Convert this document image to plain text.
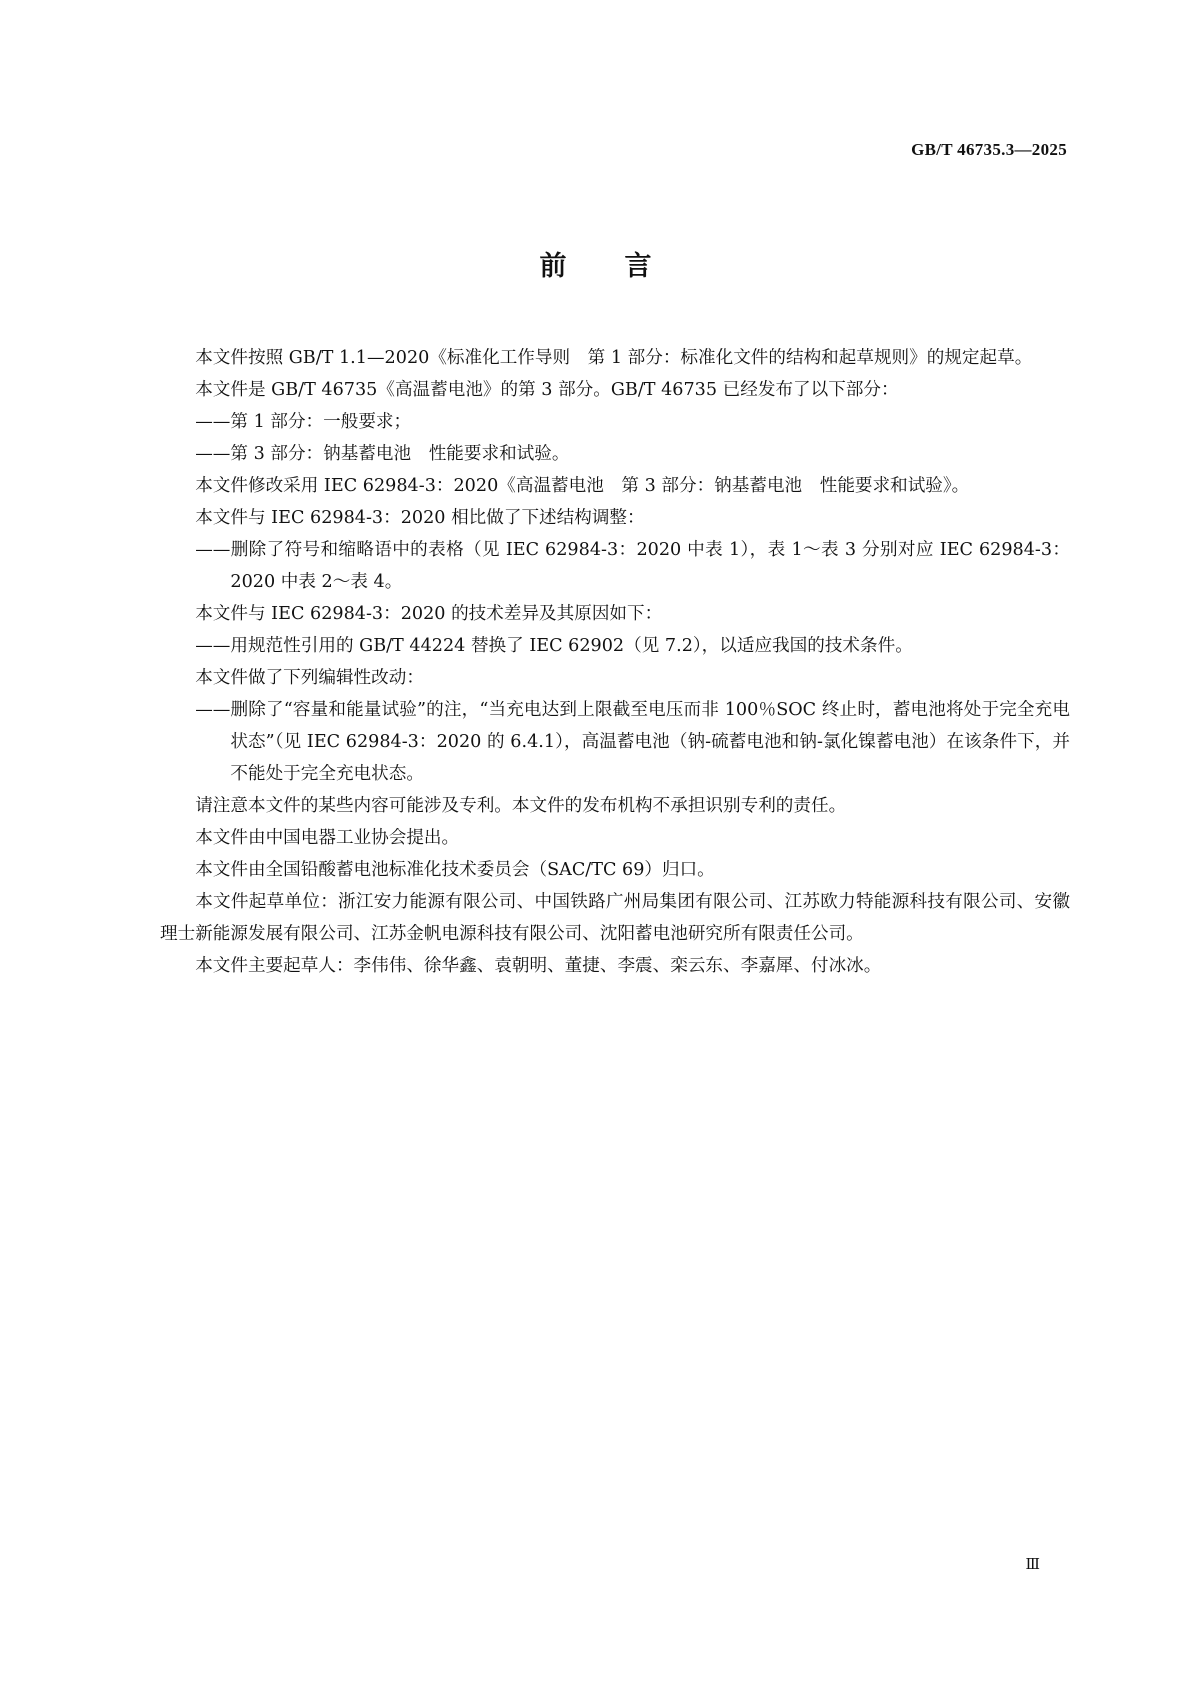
GB/T 46735.3—2025
前言

本文件按照 GB/T 1.1—2020《标准化工作导则　第 1 部分：标准化文件的结构和起草规则》的规定起草。

本文件是 GB/T 46735《高温蓄电池》的第 3 部分。GB/T 46735 已经发布了以下部分：

——第 1 部分：一般要求；

——第 3 部分：钠基蓄电池　性能要求和试验。

本文件修改采用 IEC 62984-3：2020《高温蓄电池　第 3 部分：钠基蓄电池　性能要求和试验》。

本文件与 IEC 62984-3：2020 相比做了下述结构调整：

——删除了符号和缩略语中的表格（见 IEC 62984-3：2020 中表 1），表 1～表 3 分别对应 IEC 62984-3：2020 中表 2～表 4。

本文件与 IEC 62984-3：2020 的技术差异及其原因如下：

——用规范性引用的 GB/T 44224 替换了 IEC 62902（见 7.2），以适应我国的技术条件。

本文件做了下列编辑性改动：

——删除了“容量和能量试验”的注，“当充电达到上限截至电压而非 100％SOC 终止时，蓄电池将处于完全充电状态”（见 IEC 62984-3：2020 的 6.4.1），高温蓄电池（钠-硫蓄电池和钠-氯化镍蓄电池）在该条件下，并不能处于完全充电状态。

请注意本文件的某些内容可能涉及专利。本文件的发布机构不承担识别专利的责任。

本文件由中国电器工业协会提出。

本文件由全国铅酸蓄电池标准化技术委员会（SAC/TC 69）归口。

本文件起草单位：浙江安力能源有限公司、中国铁路广州局集团有限公司、江苏欧力特能源科技有限公司、安徽理士新能源发展有限公司、江苏金帆电源科技有限公司、沈阳蓄电池研究所有限责任公司。

本文件主要起草人：李伟伟、徐华鑫、袁朝明、董捷、李震、栾云东、李嘉犀、付冰冰。

Ⅲ
